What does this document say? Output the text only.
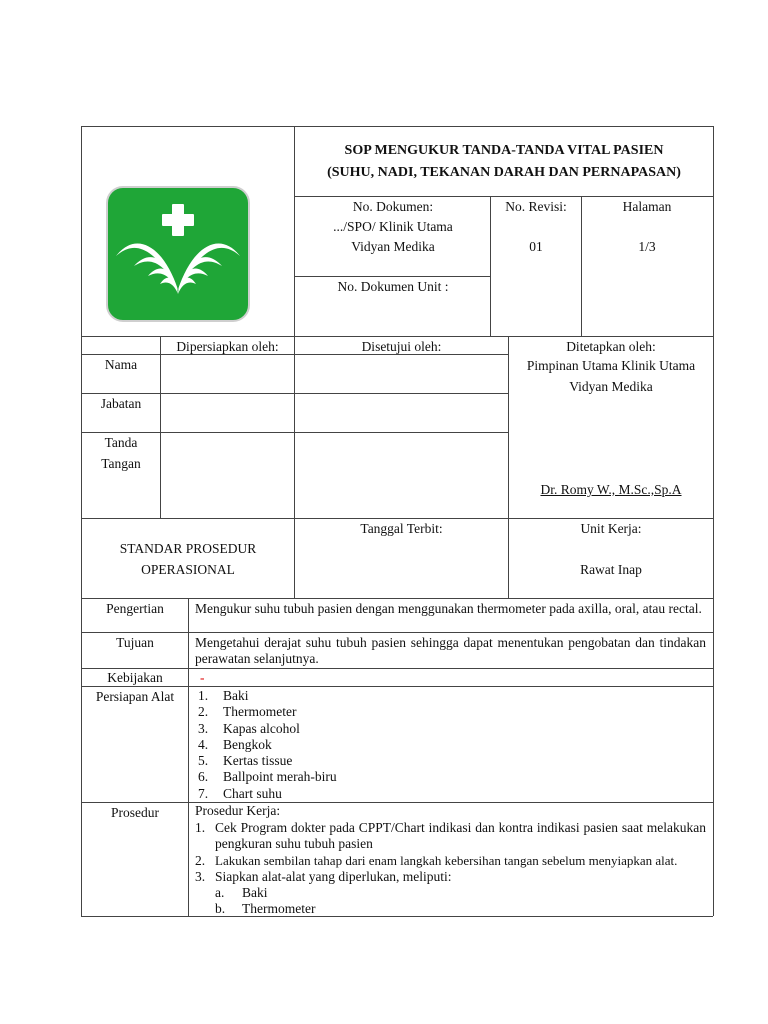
SOP MENGUKUR TANDA-TANDA VITAL PASIEN
(SUHU, NADI, TEKANAN DARAH DAN PERNAPASAN)
No. Dokumen:
.../SPO/ Klinik Utama
Vidyan Medika
No. Revisi:
01
Halaman
1/3
No. Dokumen Unit :
Dipersiapkan oleh:	Disetujui oleh:	Ditetapkan oleh:
Pimpinan Utama Klinik Utama
Vidyan Medika
Dr. Romy W., M.Sc.,Sp.A
Nama
Jabatan
Tanda
Tangan
STANDAR PROSEDUR
OPERASIONAL
Tanggal Terbit:	Unit Kerja:
Rawat Inap
Pengertian	Mengukur suhu tubuh pasien dengan menggunakan thermometer pada axilla, oral, atau rectal.
Tujuan	Mengetahui derajat suhu tubuh pasien sehingga dapat menentukan pengobatan dan tindakan perawatan selanjutnya.
Kebijakan	-
Persiapan Alat	1. Baki
2. Thermometer
3. Kapas alcohol
4. Bengkok
5. Kertas tissue
6. Ballpoint merah-biru
7. Chart suhu
Prosedur	Prosedur Kerja:
1. Cek Program dokter pada CPPT/Chart indikasi dan kontra indikasi pasien saat melakukan pengkuran suhu tubuh pasien
2. Lakukan sembilan tahap dari enam langkah kebersihan tangan sebelum menyiapkan alat.
3. Siapkan alat-alat yang diperlukan, meliputi:
a. Baki
b. Thermometer
